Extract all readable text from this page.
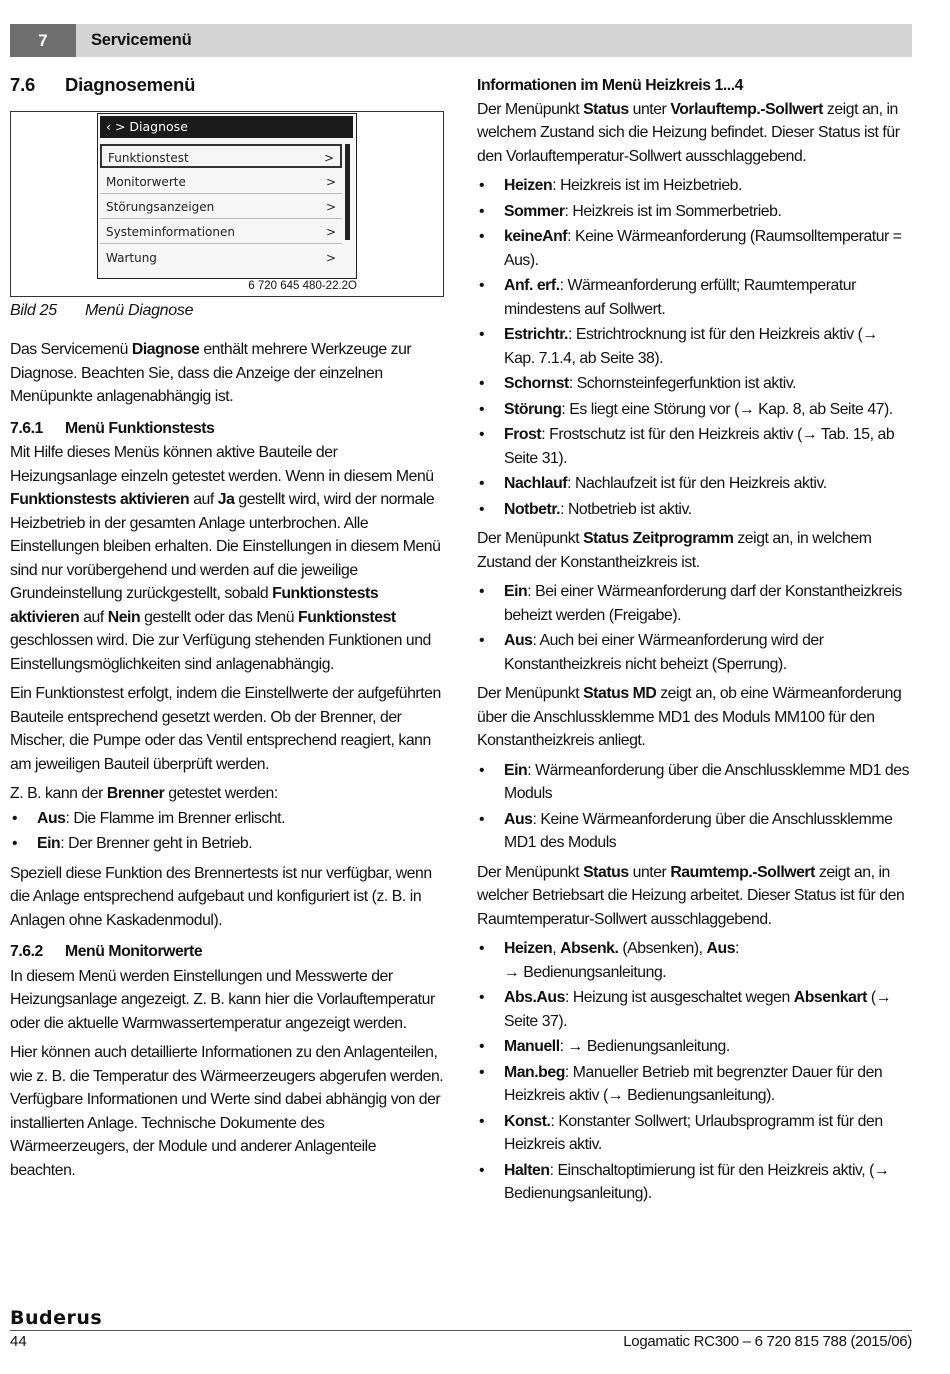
7	Servicemenü
7.6 Diagnosemenü
‹ > Diagnose
Funktionstest	>
Monitorwerte	>
Störungsanzeigen	>
Systeminformationen	>
Wartung	>
6 720 645 480-22.2O
Bild 25 Menü Diagnose

Das Servicemenü Diagnose enthält mehrere Werkzeuge zur Diagnose. Beachten Sie, dass die Anzeige der einzelnen Menüpunkte anlagenabhängig ist.

7.6.1 Menü Funktionstests

Mit Hilfe dieses Menüs können aktive Bauteile der Heizungsanlage einzeln getestet werden. Wenn in diesem Menü Funktionstests aktivieren auf Ja gestellt wird, wird der normale Heizbetrieb in der gesamten Anlage unterbrochen. Alle Einstellungen bleiben erhalten. Die Einstellungen in diesem Menü sind nur vorübergehend und werden auf die jeweilige Grundeinstellung zurückgestellt, sobald Funktionstests aktivieren auf Nein gestellt oder das Menü Funktionstest geschlossen wird. Die zur Verfügung stehenden Funktionen und Einstellungsmöglichkeiten sind anlagenabhängig.

Ein Funktionstest erfolgt, indem die Einstellwerte der aufgeführten Bauteile entsprechend gesetzt werden. Ob der Brenner, der Mischer, die Pumpe oder das Ventil entsprechend reagiert, kann am jeweiligen Bauteil überprüft werden.

Z. B. kann der Brenner getestet werden:

• Aus: Die Flamme im Brenner erlischt.
• Ein: Der Brenner geht in Betrieb.

Speziell diese Funktion des Brennertests ist nur verfügbar, wenn die Anlage entsprechend aufgebaut und konfiguriert ist (z. B. in Anlagen ohne Kaskadenmodul).

7.6.2 Menü Monitorwerte

In diesem Menü werden Einstellungen und Messwerte der Heizungsanlage angezeigt. Z. B. kann hier die Vorlauftemperatur oder die aktuelle Warmwassertemperatur angezeigt werden.

Hier können auch detaillierte Informationen zu den Anlagenteilen, wie z. B. die Temperatur des Wärmeerzeugers abgerufen werden. Verfügbare Informationen und Werte sind dabei abhängig von der installierten Anlage. Technische Dokumente des Wärmeerzeugers, der Module und anderer Anlagenteile beachten.

Informationen im Menü Heizkreis 1...4

Der Menüpunkt Status unter Vorlauftemp.-Sollwert zeigt an, in welchem Zustand sich die Heizung befindet. Dieser Status ist für den Vorlauftemperatur-Sollwert ausschlaggebend.

• Heizen: Heizkreis ist im Heizbetrieb.
• Sommer: Heizkreis ist im Sommerbetrieb.
• keineAnf: Keine Wärmeanforderung (Raumsolltemperatur = Aus).
• Anf. erf.: Wärmeanforderung erfüllt; Raumtemperatur mindestens auf Sollwert.
• Estrichtr.: Estrichtrocknung ist für den Heizkreis aktiv (→ Kap. 7.1.4, ab Seite 38).
• Schornst: Schornsteinfegerfunktion ist aktiv.
• Störung: Es liegt eine Störung vor (→ Kap. 8, ab Seite 47).
• Frost: Frostschutz ist für den Heizkreis aktiv (→ Tab. 15, ab Seite 31).
• Nachlauf: Nachlaufzeit ist für den Heizkreis aktiv.
• Notbetr.: Notbetrieb ist aktiv.

Der Menüpunkt Status Zeitprogramm zeigt an, in welchem Zustand der Konstantheizkreis ist.

• Ein: Bei einer Wärmeanforderung darf der Konstantheizkreis beheizt werden (Freigabe).
• Aus: Auch bei einer Wärmeanforderung wird der Konstantheizkreis nicht beheizt (Sperrung).

Der Menüpunkt Status MD zeigt an, ob eine Wärmeanforderung über die Anschlussklemme MD1 des Moduls MM100 für den Konstantheizkreis anliegt.

• Ein: Wärmeanforderung über die Anschlussklemme MD1 des Moduls
• Aus: Keine Wärmeanforderung über die Anschlussklemme MD1 des Moduls

Der Menüpunkt Status unter Raumtemp.-Sollwert zeigt an, in welcher Betriebsart die Heizung arbeitet. Dieser Status ist für den Raumtemperatur-Sollwert ausschlaggebend.

• Heizen, Absenk. (Absenken), Aus:
→ Bedienungsanleitung.
• Abs.Aus: Heizung ist ausgeschaltet wegen Absenkart (→ Seite 37).
• Manuell: → Bedienungsanleitung.
• Man.beg: Manueller Betrieb mit begrenzter Dauer für den Heizkreis aktiv (→ Bedienungsanleitung).
• Konst.: Konstanter Sollwert; Urlaubsprogramm ist für den Heizkreis aktiv.
• Halten: Einschaltoptimierung ist für den Heizkreis aktiv, (→ Bedienungsanleitung).
Buderus
44	Logamatic RC300 – 6 720 815 788 (2015/06)
